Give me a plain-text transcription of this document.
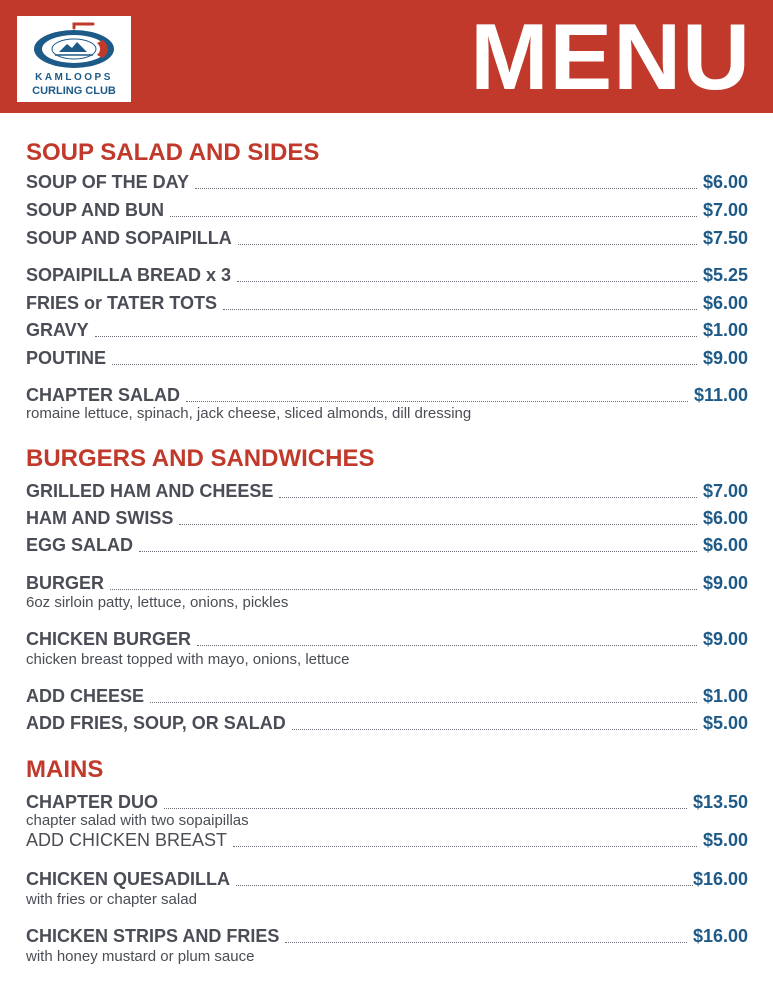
KAMLOOPS
CURLING CLUB	MENU
SOUP SALAD AND SIDES
SOUP OF THE DAY	$6.00
SOUP AND BUN	$7.00
SOUP AND SOPAIPILLA	$7.50
SOPAIPILLA BREAD x 3	$5.25
FRIES or TATER TOTS	$6.00
GRAVY	$1.00
POUTINE	$9.00
CHAPTER SALAD	$11.00
romaine lettuce, spinach, jack cheese, sliced almonds, dill dressing
BURGERS AND SANDWICHES
GRILLED HAM AND CHEESE	$7.00
HAM AND SWISS	$6.00
EGG SALAD	$6.00
BURGER	$9.00
6oz sirloin patty, lettuce, onions, pickles
CHICKEN BURGER	$9.00
chicken breast topped with mayo, onions, lettuce
ADD CHEESE	$1.00
ADD FRIES, SOUP, OR SALAD	$5.00
MAINS
CHAPTER DUO	$13.50
chapter salad with two sopaipillas
ADD CHICKEN BREAST	$5.00
CHICKEN QUESADILLA	$16.00
with fries or chapter salad
CHICKEN STRIPS AND FRIES	$16.00
with honey mustard or plum sauce
